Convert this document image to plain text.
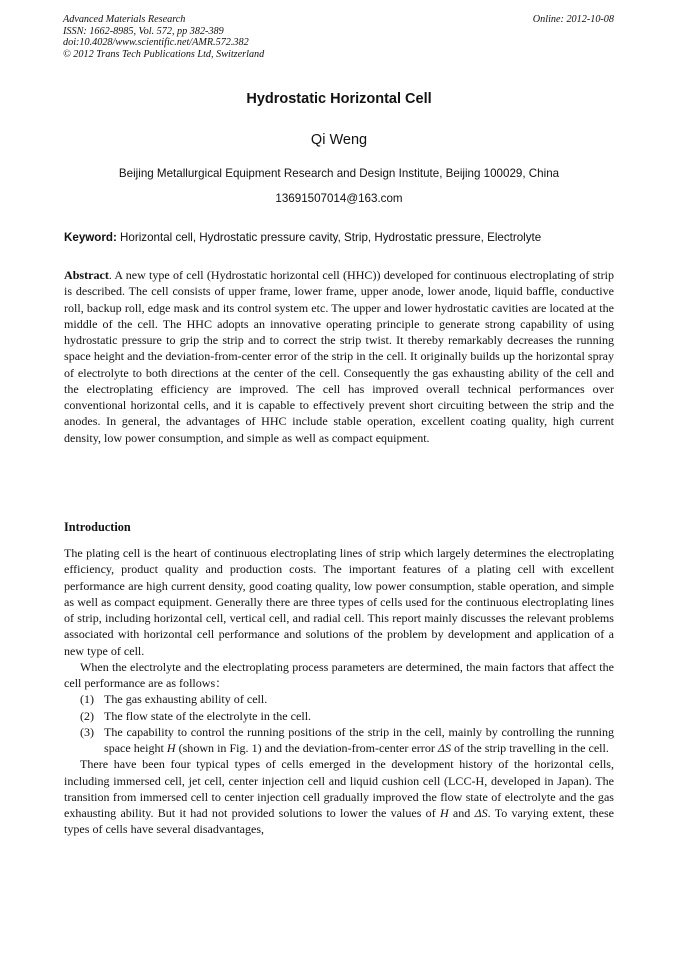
Advanced Materials Research
ISSN: 1662-8985, Vol. 572, pp 382-389
doi:10.4028/www.scientific.net/AMR.572.382
© 2012 Trans Tech Publications Ltd, Switzerland
Online: 2012-10-08
Hydrostatic Horizontal Cell
Qi Weng
Beijing Metallurgical Equipment Research and Design Institute, Beijing 100029, China
13691507014@163.com
Keyword: Horizontal cell, Hydrostatic pressure cavity, Strip, Hydrostatic pressure, Electrolyte

Abstract. A new type of cell (Hydrostatic horizontal cell (HHC)) developed for continuous electroplating of strip is described. The cell consists of upper frame, lower frame, upper anode, lower anode, liquid baffle, conductive roll, backup roll, edge mask and its control system etc. The upper and lower hydrostatic cavities are located at the middle of the cell. The HHC adopts an innovative operating principle to generate strong capability of using hydrostatic pressure to grip the strip and to correct the strip twist. It thereby remarkably decreases the running space height and the deviation-from-center error of the strip in the cell. It originally builds up the horizontal spray of electrolyte to both directions at the center of the cell. Consequently the gas exhausting ability of the cell and the electroplating efficiency are improved. The cell has improved overall technical performances over conventional horizontal cells, and it is capable to effectively prevent short circuiting between the strip and the anodes. In general, the advantages of HHC include stable operation, excellent coating quality, high current density, low power consumption, and simple as well as compact equipment.

Introduction

The plating cell is the heart of continuous electroplating lines of strip which largely determines the electroplating efficiency, product quality and production costs. The important features of a plating cell with excellent performance are high current density, good coating quality, low power consumption, stable operation, and simple as well as compact equipment. Generally there are three types of cells used for the continuous electroplating lines of strip, including horizontal cell, vertical cell, and radial cell. This report mainly discusses the relevant problems associated with horizontal cell performance and solutions of the problem by development and application of a new type of cell.

When the electrolyte and the electroplating process parameters are determined, the main factors that affect the cell performance are as follows：

(1) The gas exhausting ability of cell.
(2) The flow state of the electrolyte in the cell.
(3) The capability to control the running positions of the strip in the cell, mainly by controlling the running space height H (shown in Fig. 1) and the deviation-from-center error ΔS of the strip travelling in the cell.

There have been four typical types of cells emerged in the development history of the horizontal cells, including immersed cell, jet cell, center injection cell and liquid cushion cell (LCC-H, developed in Japan). The transition from immersed cell to center injection cell gradually improved the flow state of electrolyte and the gas exhausting ability. But it had not provided solutions to lower the values of H and ΔS. To varying extent, these types of cells have several disadvantages,
